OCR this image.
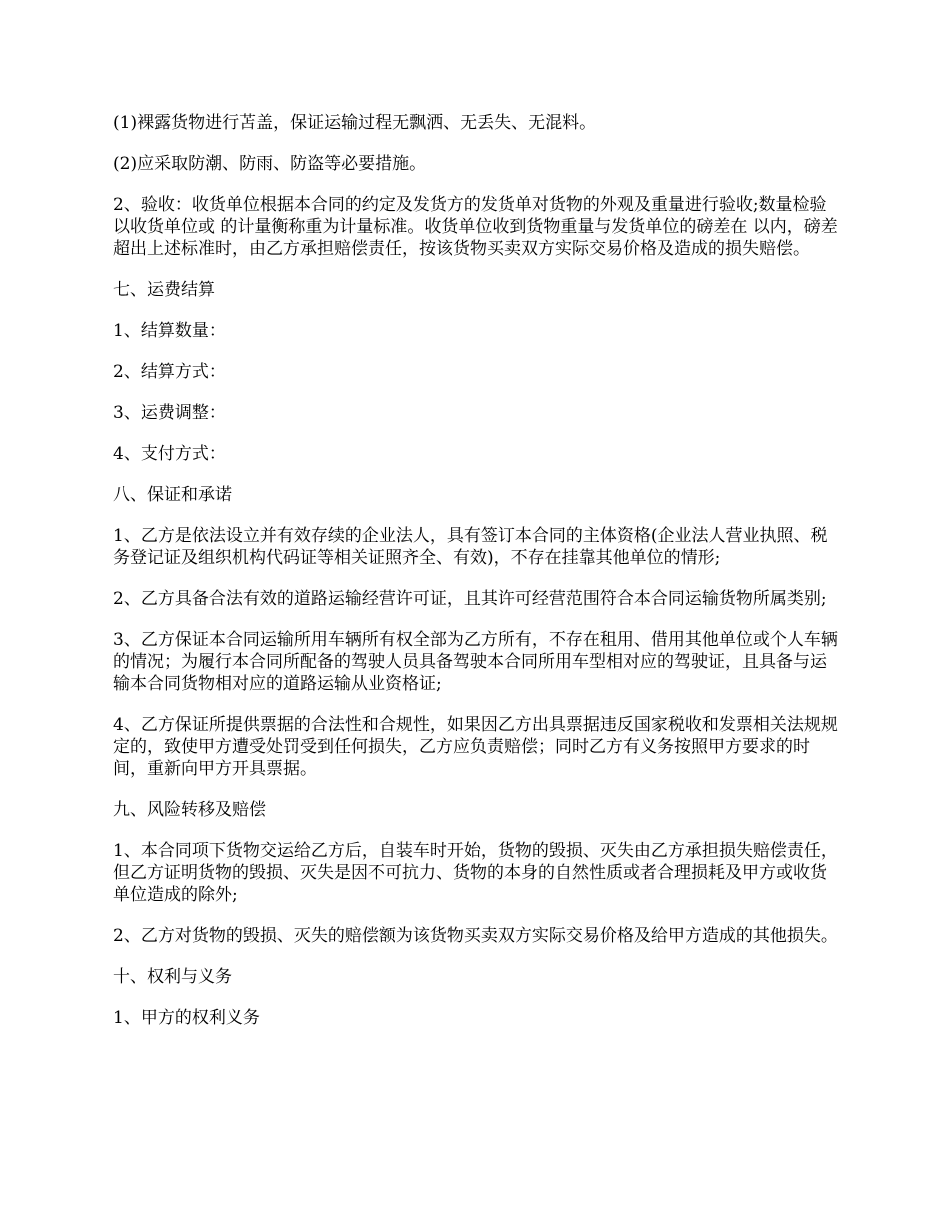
(1)裸露货物进行苫盖，保证运输过程无飘洒、无丢失、无混料。

(2)应采取防潮、防雨、防盗等必要措施。

2、验收：收货单位根据本合同的约定及发货方的发货单对货物的外观及重量进行验收;数量检验以收货单位或 的计量衡称重为计量标准。收货单位收到货物重量与发货单位的磅差在 以内，磅差超出上述标准时，由乙方承担赔偿责任，按该货物买卖双方实际交易价格及造成的损失赔偿。

七、运费结算

1、结算数量：

2、结算方式：

3、运费调整：

4、支付方式：

八、保证和承诺

1、乙方是依法设立并有效存续的企业法人，具有签订本合同的主体资格(企业法人营业执照、税务登记证及组织机构代码证等相关证照齐全、有效)，不存在挂靠其他单位的情形;

2、乙方具备合法有效的道路运输经营许可证，且其许可经营范围符合本合同运输货物所属类别;

3、乙方保证本合同运输所用车辆所有权全部为乙方所有，不存在租用、借用其他单位或个人车辆的情况；为履行本合同所配备的驾驶人员具备驾驶本合同所用车型相对应的驾驶证，且具备与运输本合同货物相对应的道路运输从业资格证;

4、乙方保证所提供票据的合法性和合规性，如果因乙方出具票据违反国家税收和发票相关法规规定的，致使甲方遭受处罚受到任何损失，乙方应负责赔偿；同时乙方有义务按照甲方要求的时间，重新向甲方开具票据。

九、风险转移及赔偿

1、本合同项下货物交运给乙方后，自装车时开始，货物的毁损、灭失由乙方承担损失赔偿责任，但乙方证明货物的毁损、灭失是因不可抗力、货物的本身的自然性质或者合理损耗及甲方或收货单位造成的除外;

2、乙方对货物的毁损、灭失的赔偿额为该货物买卖双方实际交易价格及给甲方造成的其他损失。

十、权利与义务

1、甲方的权利义务
